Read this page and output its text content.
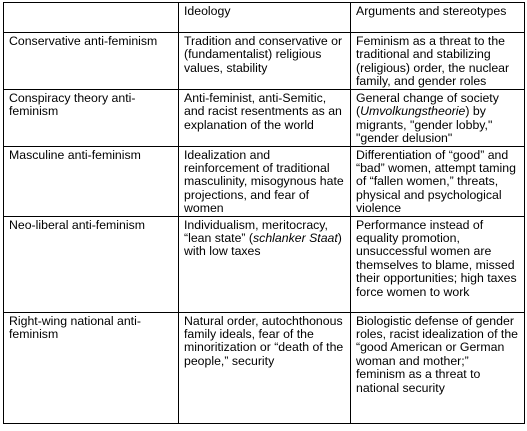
	Ideology	Arguments and stereotypes
Conservative anti-feminism	Tradition and conservative or (fundamentalist) religious values, stability	Feminism as a threat to the traditional and stabilizing (religious) order, the nuclear family, and gender roles
Conspiracy theory anti-feminism	Anti-feminist, anti-Semitic, and racist resentments as an explanation of the world	General change of society (Umvolkungstheorie) by migrants, "gender lobby," "gender delusion"
Masculine anti-feminism	Idealization and reinforcement of traditional masculinity, misogynous hate projections, and fear of women	Differentiation of “good” and “bad” women, attempt taming of “fallen women,” threats, physical and psychological violence
Neo-liberal anti-feminism	Individualism, meritocracy, “lean state” (schlanker Staat) with low taxes	Performance instead of equality promotion, unsuccessful women are themselves to blame, missed their opportunities; high taxes force women to work
Right-wing national anti-feminism	Natural order, autochthonous family ideals, fear of the minoritization or “death of the people,” security	Biologistic defense of gender roles, racist idealization of the “good American or German woman and mother;” feminism as a threat to national security
